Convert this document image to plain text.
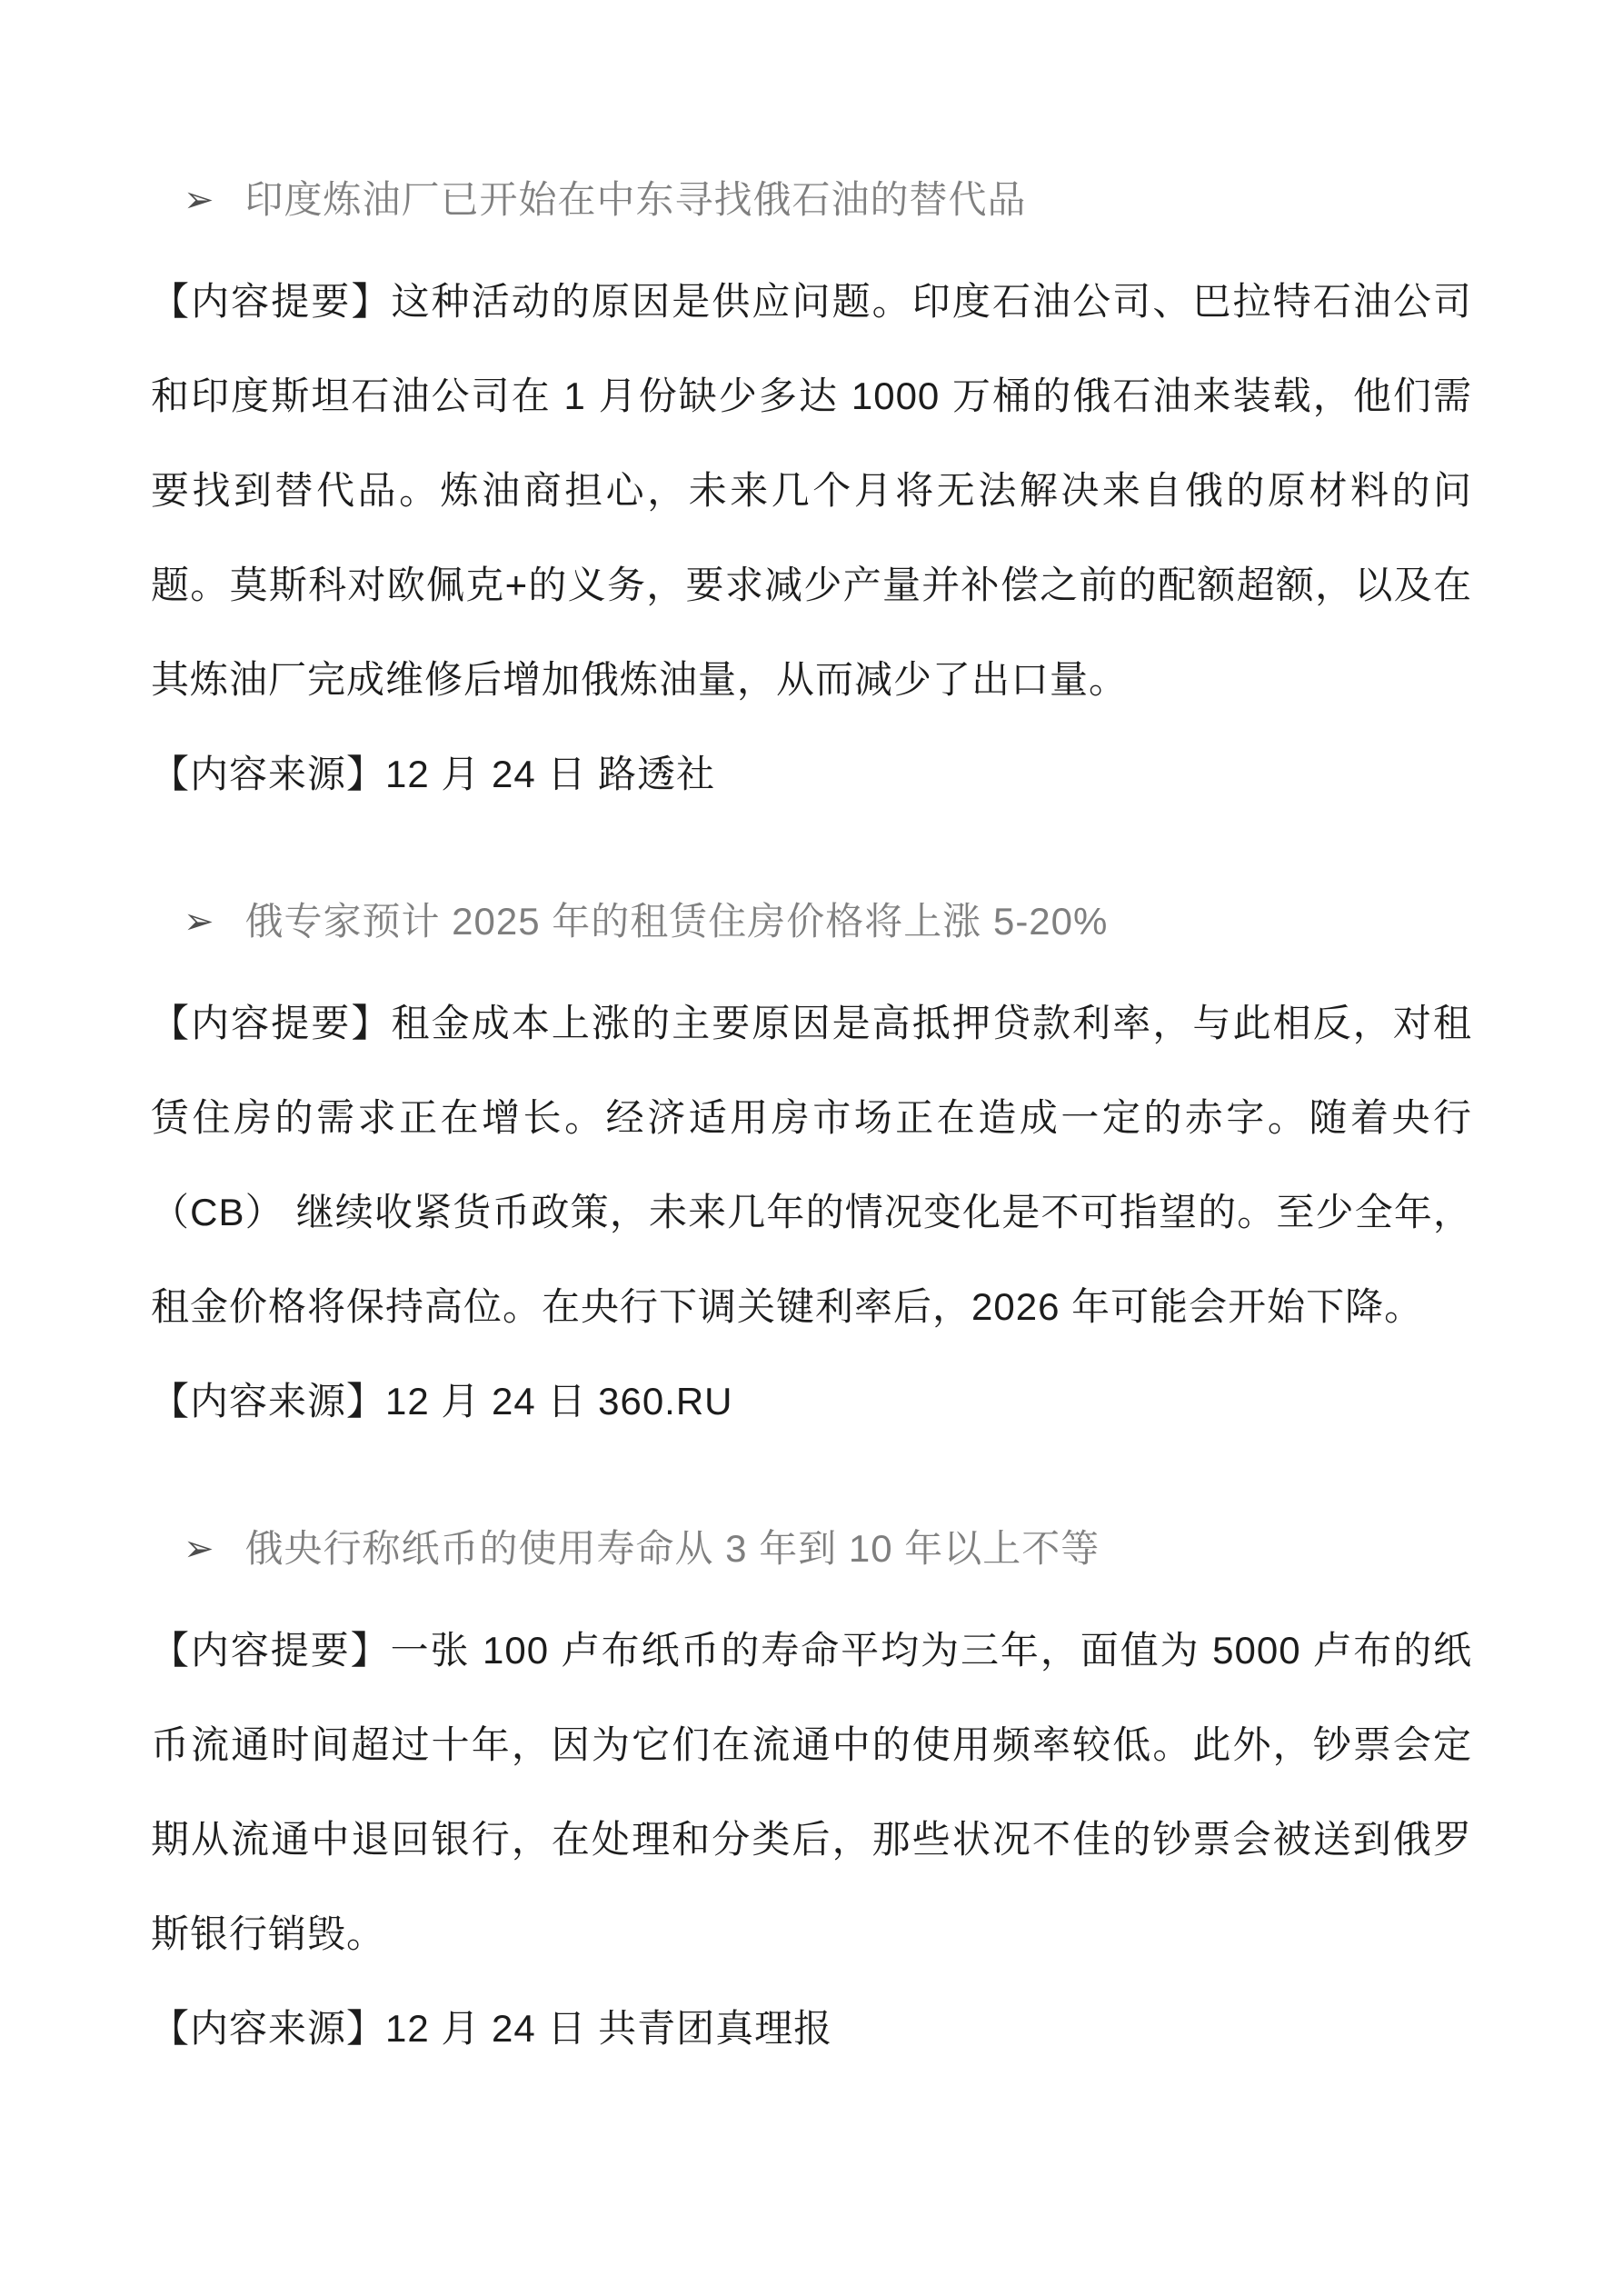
➢ 印度炼油厂已开始在中东寻找俄石油的替代品

【内容提要】这种活动的原因是供应问题。印度石油公司、巴拉特石油公司和印度斯坦石油公司在 1 月份缺少多达 1000 万桶的俄石油来装载，他们需要找到替代品。炼油商担心，未来几个月将无法解决来自俄的原材料的问题。莫斯科对欧佩克+的义务，要求减少产量并补偿之前的配额超额，以及在其炼油厂完成维修后增加俄炼油量，从而减少了出口量。

【内容来源】12 月 24 日 路透社

➢ 俄专家预计 2025 年的租赁住房价格将上涨 5-20%

【内容提要】租金成本上涨的主要原因是高抵押贷款利率，与此相反，对租赁住房的需求正在增长。经济适用房市场正在造成一定的赤字。随着央行 （CB） 继续收紧货币政策，未来几年的情况变化是不可指望的。至少全年，租金价格将保持高位。在央行下调关键利率后，2026 年可能会开始下降。

【内容来源】12 月 24 日 360.RU

➢ 俄央行称纸币的使用寿命从 3 年到 10 年以上不等

【内容提要】一张 100 卢布纸币的寿命平均为三年，面值为 5000 卢布的纸币流通时间超过十年，因为它们在流通中的使用频率较低。此外，钞票会定期从流通中退回银行，在处理和分类后，那些状况不佳的钞票会被送到俄罗斯银行销毁。

【内容来源】12 月 24 日 共青团真理报
